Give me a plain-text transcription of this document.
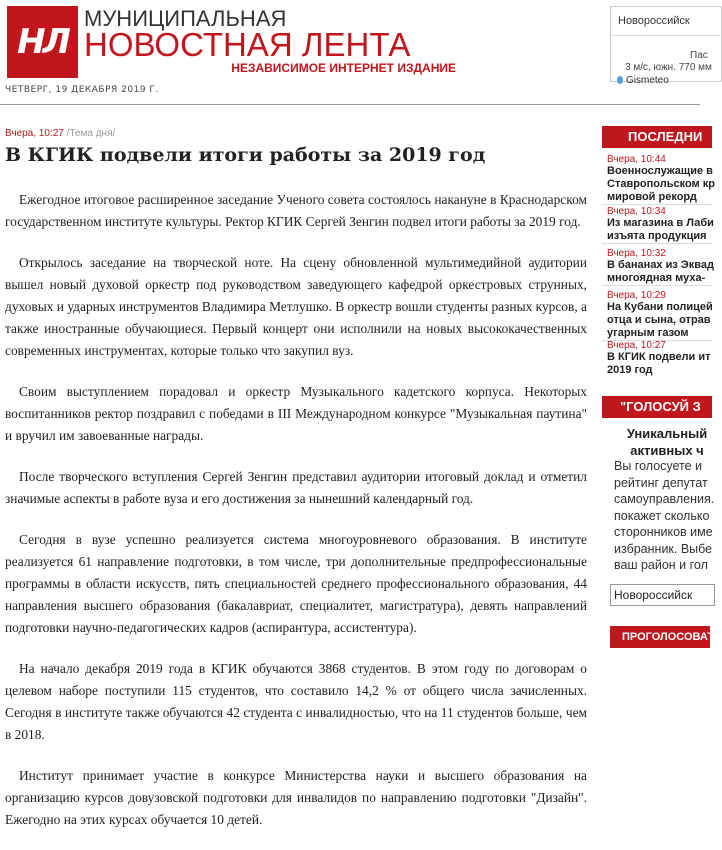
НЛ
МУНИЦИПАЛЬНАЯ
НОВОСТНАЯ ЛЕНТА
НЕЗАВИСИМОЕ ИНТЕРНЕТ ИЗДАНИЕ
ЧЕТВЕРГ, 19 ДЕКАБРЯ 2019 Г.
Новороссийск
Пас
3 м/с, южн. 770 мм
Gismeteo
Вчера, 10:27 /Тема дня/
В КГИК подвели итоги работы за 2019 год

Ежегодное итоговое расширенное заседание Ученого совета состоялось накануне в Краснодарском государственном институте культуры. Ректор КГИК Сергей Зенгин подвел итоги работы за 2019 год.

Открылось заседание на творческой ноте. На сцену обновленной мультимедийной аудитории вышел новый духовой оркестр под руководством заведующего кафедрой оркестровых струнных, духовых и ударных инструментов Владимира Метлушко. В оркестр вошли студенты разных курсов, а также иностранные обучающиеся. Первый концерт они исполнили на новых высококачественных современных инструментах, которые только что закупил вуз.

Своим выступлением порадовал и оркестр Музыкального кадетского корпуса. Некоторых воспитанников ректор поздравил с победами в III Международном конкурсе "Музыкальная паутина" и вручил им завоеванные награды.

После творческого вступления Сергей Зенгин представил аудитории итоговый доклад и отметил значимые аспекты в работе вуза и его достижения за нынешний календарный год.

Сегодня в вузе успешно реализуется система многоуровневого образования. В институте реализуется 61 направление подготовки, в том числе, три дополнительные предпрофессиональные программы в области искусств, пять специальностей среднего профессионального образования, 44 направления высшего образования (бакалавриат, специалитет, магистратура), девять направлений подготовки научно-педагогических кадров (аспирантура, ассистентура).

На начало декабря 2019 года в КГИК обучаются 3868 студентов. В этом году по договорам о целевом наборе поступили 115 студентов, что составило 14,2 % от общего числа зачисленных. Сегодня в институте также обучаются 42 студента с инвалидностью, что на 11 студентов больше, чем в 2018.

Институт принимает участие в конкурсе Министерства науки и высшего образования на организацию курсов довузовской подготовки для инвалидов по направлению подготовки "Дизайн". Ежегодно на этих курсах обучается 10 детей.

ПОСЛЕДНИ
Вчера, 10:44
Военнослужащие в
Ставропольском кр
мировой рекорд
Вчера, 10:34
Из магазина в Лаби
изъята продукция
Вчера, 10:32
В бананах из Эквад
многоядная муха-
Вчера, 10:29
На Кубани полицей
отца и сына, отрав
угарным газом
Вчера, 10:27
В КГИК подвели ит
2019 год
"ГОЛОСУЙ З
Уникальный
активных ч
Вы голосуете и
рейтинг депутат
самоуправления.
покажет сколько
сторонников име
избранник. Выбе
ваш район и гол
Новороссийск
ПРОГОЛОСОВАТ
